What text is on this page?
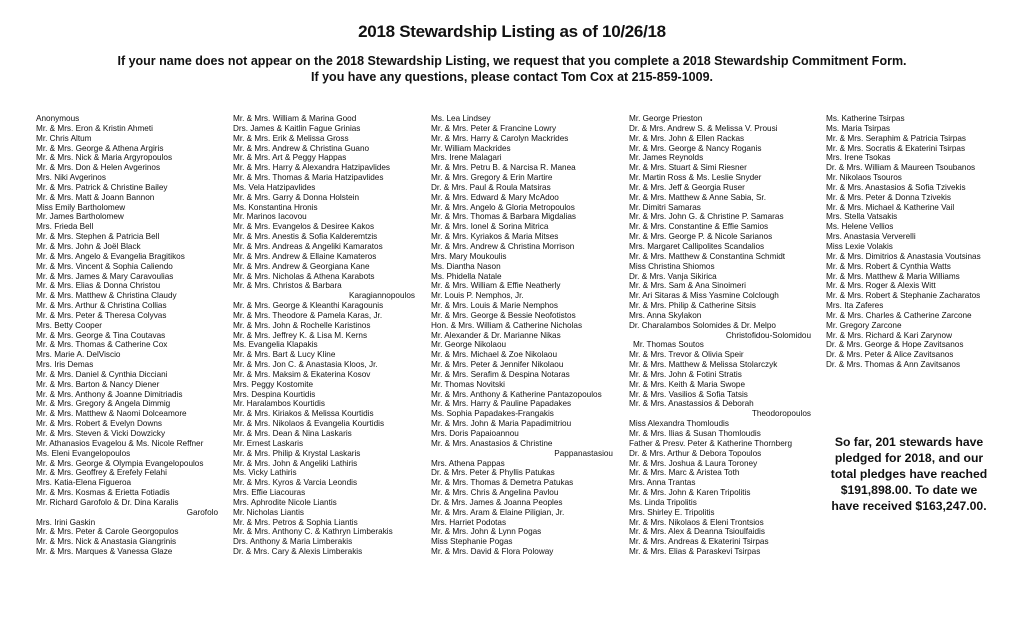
2018 Stewardship Listing as of 10/26/18
If your name does not appear on the 2018 Stewardship Listing, we request that you complete a 2018 Stewardship Commitment Form.
If you have any questions, please contact Tom Cox at 215-859-1009.
Anonymous
Mr. & Mrs. Eron & Kristin Ahmeti
Mr. Chris Altum
Mr. & Mrs. George & Athena Argiris
Mr. & Mrs. Nick & Maria Argyropoulos
Mr. & Mrs. Don & Helen Avgerinos
Mrs. Niki Avgerinos
Mr. & Mrs. Patrick & Christine Bailey
Mr. & Mrs. Matt & Joann Bannon
Miss Emily Bartholomew
Mr. James Bartholomew
Mrs. Frieda Bell
Mr. & Mrs. Stephen & Patricia Bell
Mr. & Mrs. John & Joël Black
Mr. & Mrs. Angelo & Evangelia Bragitikos
Mr. & Mrs. Vincent & Sophia Caliendo
Mr. & Mrs. James & Mary Caravoulias
Mr. & Mrs. Elias & Donna Christou
Mr. & Mrs. Matthew & Christina Claudy
Mr. & Mrs. Arthur & Christina Collias
Mr. & Mrs. Peter & Theresa Colyvas
Mrs. Betty Cooper
Mr. & Mrs. George & Tina Coutavas
Mr. & Mrs. Thomas & Catherine Cox
Mrs. Marie A. DelViscio
Mrs. Iris Demas
Mr. & Mrs. Daniel & Cynthia Dicciani
Mr. & Mrs. Barton & Nancy Diener
Mr. & Mrs. Anthony & Joanne Dimitriadis
Mr. & Mrs. Gregory & Angela Dimmig
Mr. & Mrs. Matthew & Naomi Dolceamore
Mr. & Mrs. Robert & Evelyn Downs
Mr. & Mrs. Steven & Vicki Dowzicky
Mr. Athanasios Evagelou & Ms. Nicole Reffner
Ms. Eleni Evangelopoulos
Mr. & Mrs. George & Olympia Evangelopoulos
Mr. & Mrs. Geoffrey & Erefely Felahi
Mrs. Katia-Elena Figueroa
Mr. & Mrs. Kosmas & Erietta Fotiadis
Mr. Richard Garofolo & Dr. Dina Karalis
Garofolo
Mrs. Irini Gaskin
Mr. & Mrs. Peter & Carole Georgopulos
Mr. & Mrs. Nick & Anastasia Giangrinis
Mr. & Mrs. Marques & Vanessa Glaze
Mr. & Mrs. William & Marina Good
Drs. James & Kaitlin Fague Grinias
Mr. & Mrs. Erik & Melissa Gross
Mr. & Mrs. Andrew & Christina Guano
Mr. & Mrs. Art & Peggy Happas
Mr. & Mrs. Harry & Alexandra Hatzipavlides
Mr. & Mrs. Thomas & Maria Hatzipavlides
Ms. Vela Hatzipavlides
Mr. & Mrs. Garry & Donna Holstein
Ms. Konstantina Hronis
Mr. Marinos Iacovou
Mr. & Mrs. Evangelos & Desiree Kakos
Mr. & Mrs. Anestis & Sofia Kalderemtzis
Mr. & Mrs. Andreas & Angeliki Kamaratos
Mr. & Mrs. Andrew & Ellaine Kamateros
Mr. & Mrs. Andrew & Georgiana Kane
Mr. & Mrs. Nicholas & Athena Karabots
Mr. & Mrs. Christos & Barbara
Karagiannopoulos
Mr. & Mrs. George & Kleanthi Karagounis
Mr. & Mrs. Theodore & Pamela Karas, Jr.
Mr. & Mrs. John & Rochelle Karistinos
Mr. & Mrs. Jeffrey K. & Lisa M. Kerns
Ms. Evangelia Klapakis
Mr. & Mrs. Bart & Lucy Kline
Mr. & Mrs. Jon C. & Anastasia Kloos, Jr.
Mr. & Mrs. Maksim & Ekaterina Kosov
Mrs. Peggy Kostomite
Mrs. Despina Kourtidis
Mr. Haralambos Kourtidis
Mr. & Mrs. Kiriakos & Melissa Kourtidis
Mr. & Mrs. Nikolaos & Evangelia Kourtidis
Mr. & Mrs. Dean & Nina Laskaris
Mr. Ernest Laskaris
Mr. & Mrs. Philip & Krystal Laskaris
Mr. & Mrs. John & Angeliki Lathiris
Ms. Vicky Lathiris
Mr. & Mrs. Kyros & Varcia Leondis
Mrs. Effie Liacouras
Mrs. Aphrodite Nicole Liantis
Mr. Nicholas Liantis
Mr. & Mrs. Petros & Sophia Liantis
Mr. & Mrs. Anthony C. & Kathryn Limberakis
Drs. Anthony & Maria Limberakis
Dr. & Mrs. Cary & Alexis Limberakis
Ms. Lea Lindsey
Mr. & Mrs. Peter & Francine Lowry
Mr. & Mrs. Harry & Carolyn Mackrides
Mr. William Mackrides
Mrs. Irene Malagari
Mr. & Mrs. Petru B. & Narcisa R. Manea
Mr. & Mrs. Gregory & Erin Martire
Dr. & Mrs. Paul & Roula Matsiras
Mr. & Mrs. Edward & Mary McAdoo
Mr. & Mrs. Angelo & Gloria Metropoulos
Mr. & Mrs. Thomas & Barbara Migdalias
Mr. & Mrs. Ionel & Sorina Mitrica
Mr. & Mrs. Kyriakos & Maria Mitses
Mr. & Mrs. Andrew & Christina Morrison
Mrs. Mary Moukoulis
Ms. Diantha Nason
Ms. Phidella Natale
Mr. & Mrs. William & Effie Neatherly
Mr. Louis P. Nemphos, Jr.
Mr. & Mrs. Louis & Marie Nemphos
Mr. & Mrs. George & Bessie Neofotistos
Hon. & Mrs. William & Catherine Nicholas
Mr. Alexander & Dr. Marianne Nikas
Mr. George Nikolaou
Mr. & Mrs. Michael & Zoe Nikolaou
Mr. & Mrs. Peter & Jennifer Nikolaou
Mr. & Mrs. Serafim & Despina Notaras
Mr. Thomas Novitski
Mr. & Mrs. Anthony & Katherine Pantazopoulos
Mr. & Mrs. Harry & Pauline Papadakes
Ms. Sophia Papadakes-Frangakis
Mr. & Mrs. John & Maria Papadimitriou
Mrs. Doris Papaioannou
Mr. & Mrs. Anastasios & Christine
Pappanastasiou
Mrs. Athena Pappas
Dr. & Mrs. Peter & Phyllis Patukas
Mr. & Mrs. Thomas & Demetra Patukas
Mr. & Mrs. Chris & Angelina Pavlou
Dr. & Mrs. James & Joanna Peoples
Mr. & Mrs. Aram & Elaine Piligian, Jr.
Mrs. Harriet Podotas
Mr. & Mrs. John & Lynn Pogas
Miss Stephanie Pogas
Mr. & Mrs. David & Flora Poloway
Mr. George Prieston
Dr. & Mrs. Andrew S. & Melissa V. Prousi
Mr. & Mrs. John & Ellen Rackas
Mr. & Mrs. George & Nancy Roganis
Mr. James Reynolds
Mr. & Mrs. Stuart & Simi Riesner
Mr. Martin Ross & Ms. Leslie Snyder
Mr. & Mrs. Jeff & Georgia Ruser
Mr. & Mrs. Matthew & Anne Sabia, Sr.
Mr. Dimitri Samaras
Mr. & Mrs. John G. & Christine P. Samaras
Mr. & Mrs. Constantine & Effie Samios
Mr. & Mrs. George P. & Nicole Sarianos
Mrs. Margaret Callipolites Scandalios
Mr. & Mrs. Matthew & Constantina Schmidt
Miss Christina Shiomos
Dr. & Mrs. Vanja Sikirica
Mr. & Mrs. Sam & Ana Sinoimeri
Mr. Ari Sitaras & Miss Yasmine Colclough
Mr. & Mrs. Philip & Catherine Sitsis
Mrs. Anna Skylakon
Dr. Charalambos Solomides & Dr. Melpo
Christofidou-Solomidou
Mr. Thomas Soutos
Mr. & Mrs. Trevor & Olivia Speir
Mr. & Mrs. Matthew & Melissa Stolarczyk
Mr. & Mrs. John & Fotini Stratis
Mr. & Mrs. Keith & Maria Swope
Mr. & Mrs. Vasilios & Sofia Tatsis
Mr. & Mrs. Anastassios & Deborah
Theodoropoulos
Miss Alexandra Thomloudis
Mr. & Mrs. Ilias & Susan Thomloudis
Father & Presv. Peter & Katherine Thornberg
Dr. & Mrs. Arthur & Debora Topoulos
Mr. & Mrs. Joshua & Laura Toroney
Mr. & Mrs. Marc & Aristea Toth
Mrs. Anna Trantas
Mr. & Mrs. John & Karen Tripolitis
Ms. Linda Tripolitis
Mrs. Shirley E. Tripolitis
Mr. & Mrs. Nikolaos & Eleni Trontsios
Mr. & Mrs. Alex & Deanna Tsioulfaidis
Mr. & Mrs. Andreas & Ekaterini Tsirpas
Mr. & Mrs. Elias & Paraskevi Tsirpas
Ms. Katherine Tsirpas
Ms. Maria Tsirpas
Mr. & Mrs. Seraphim & Patricia Tsirpas
Mr. & Mrs. Socratis & Ekaterini Tsirpas
Mrs. Irene Tsokas
Dr. & Mrs. William & Maureen Tsoubanos
Mr. Nikolaos Tsouros
Mr. & Mrs. Anastasios & Sofia Tzivekis
Mr. & Mrs. Peter & Donna Tzivekis
Mr. & Mrs. Michael & Katherine Vail
Mrs. Stella Vatsakis
Ms. Helene Vellios
Mrs. Anastasia Ververelli
Miss Lexie Volakis
Mr. & Mrs. Dimitrios & Anastasia Voutsinas
Mr. & Mrs. Robert & Cynthia Watts
Mr. & Mrs. Matthew & Maria Williams
Mr. & Mrs. Roger & Alexis Witt
Mr. & Mrs. Robert & Stephanie Zacharatos
Mrs. Ita Zaferes
Mr. & Mrs. Charles & Catherine Zarcone
Mr. Gregory Zarcone
Mr. & Mrs. Richard & Kari Zarynow
Dr. & Mrs. George & Hope Zavitsanos
Dr. & Mrs. Peter & Alice Zavitsanos
Dr. & Mrs. Thomas & Ann Zavitsanos
So far, 201 stewards have
pledged for 2018, and our
total pledges have reached
$191,898.00. To date we
have received $163,247.00.
